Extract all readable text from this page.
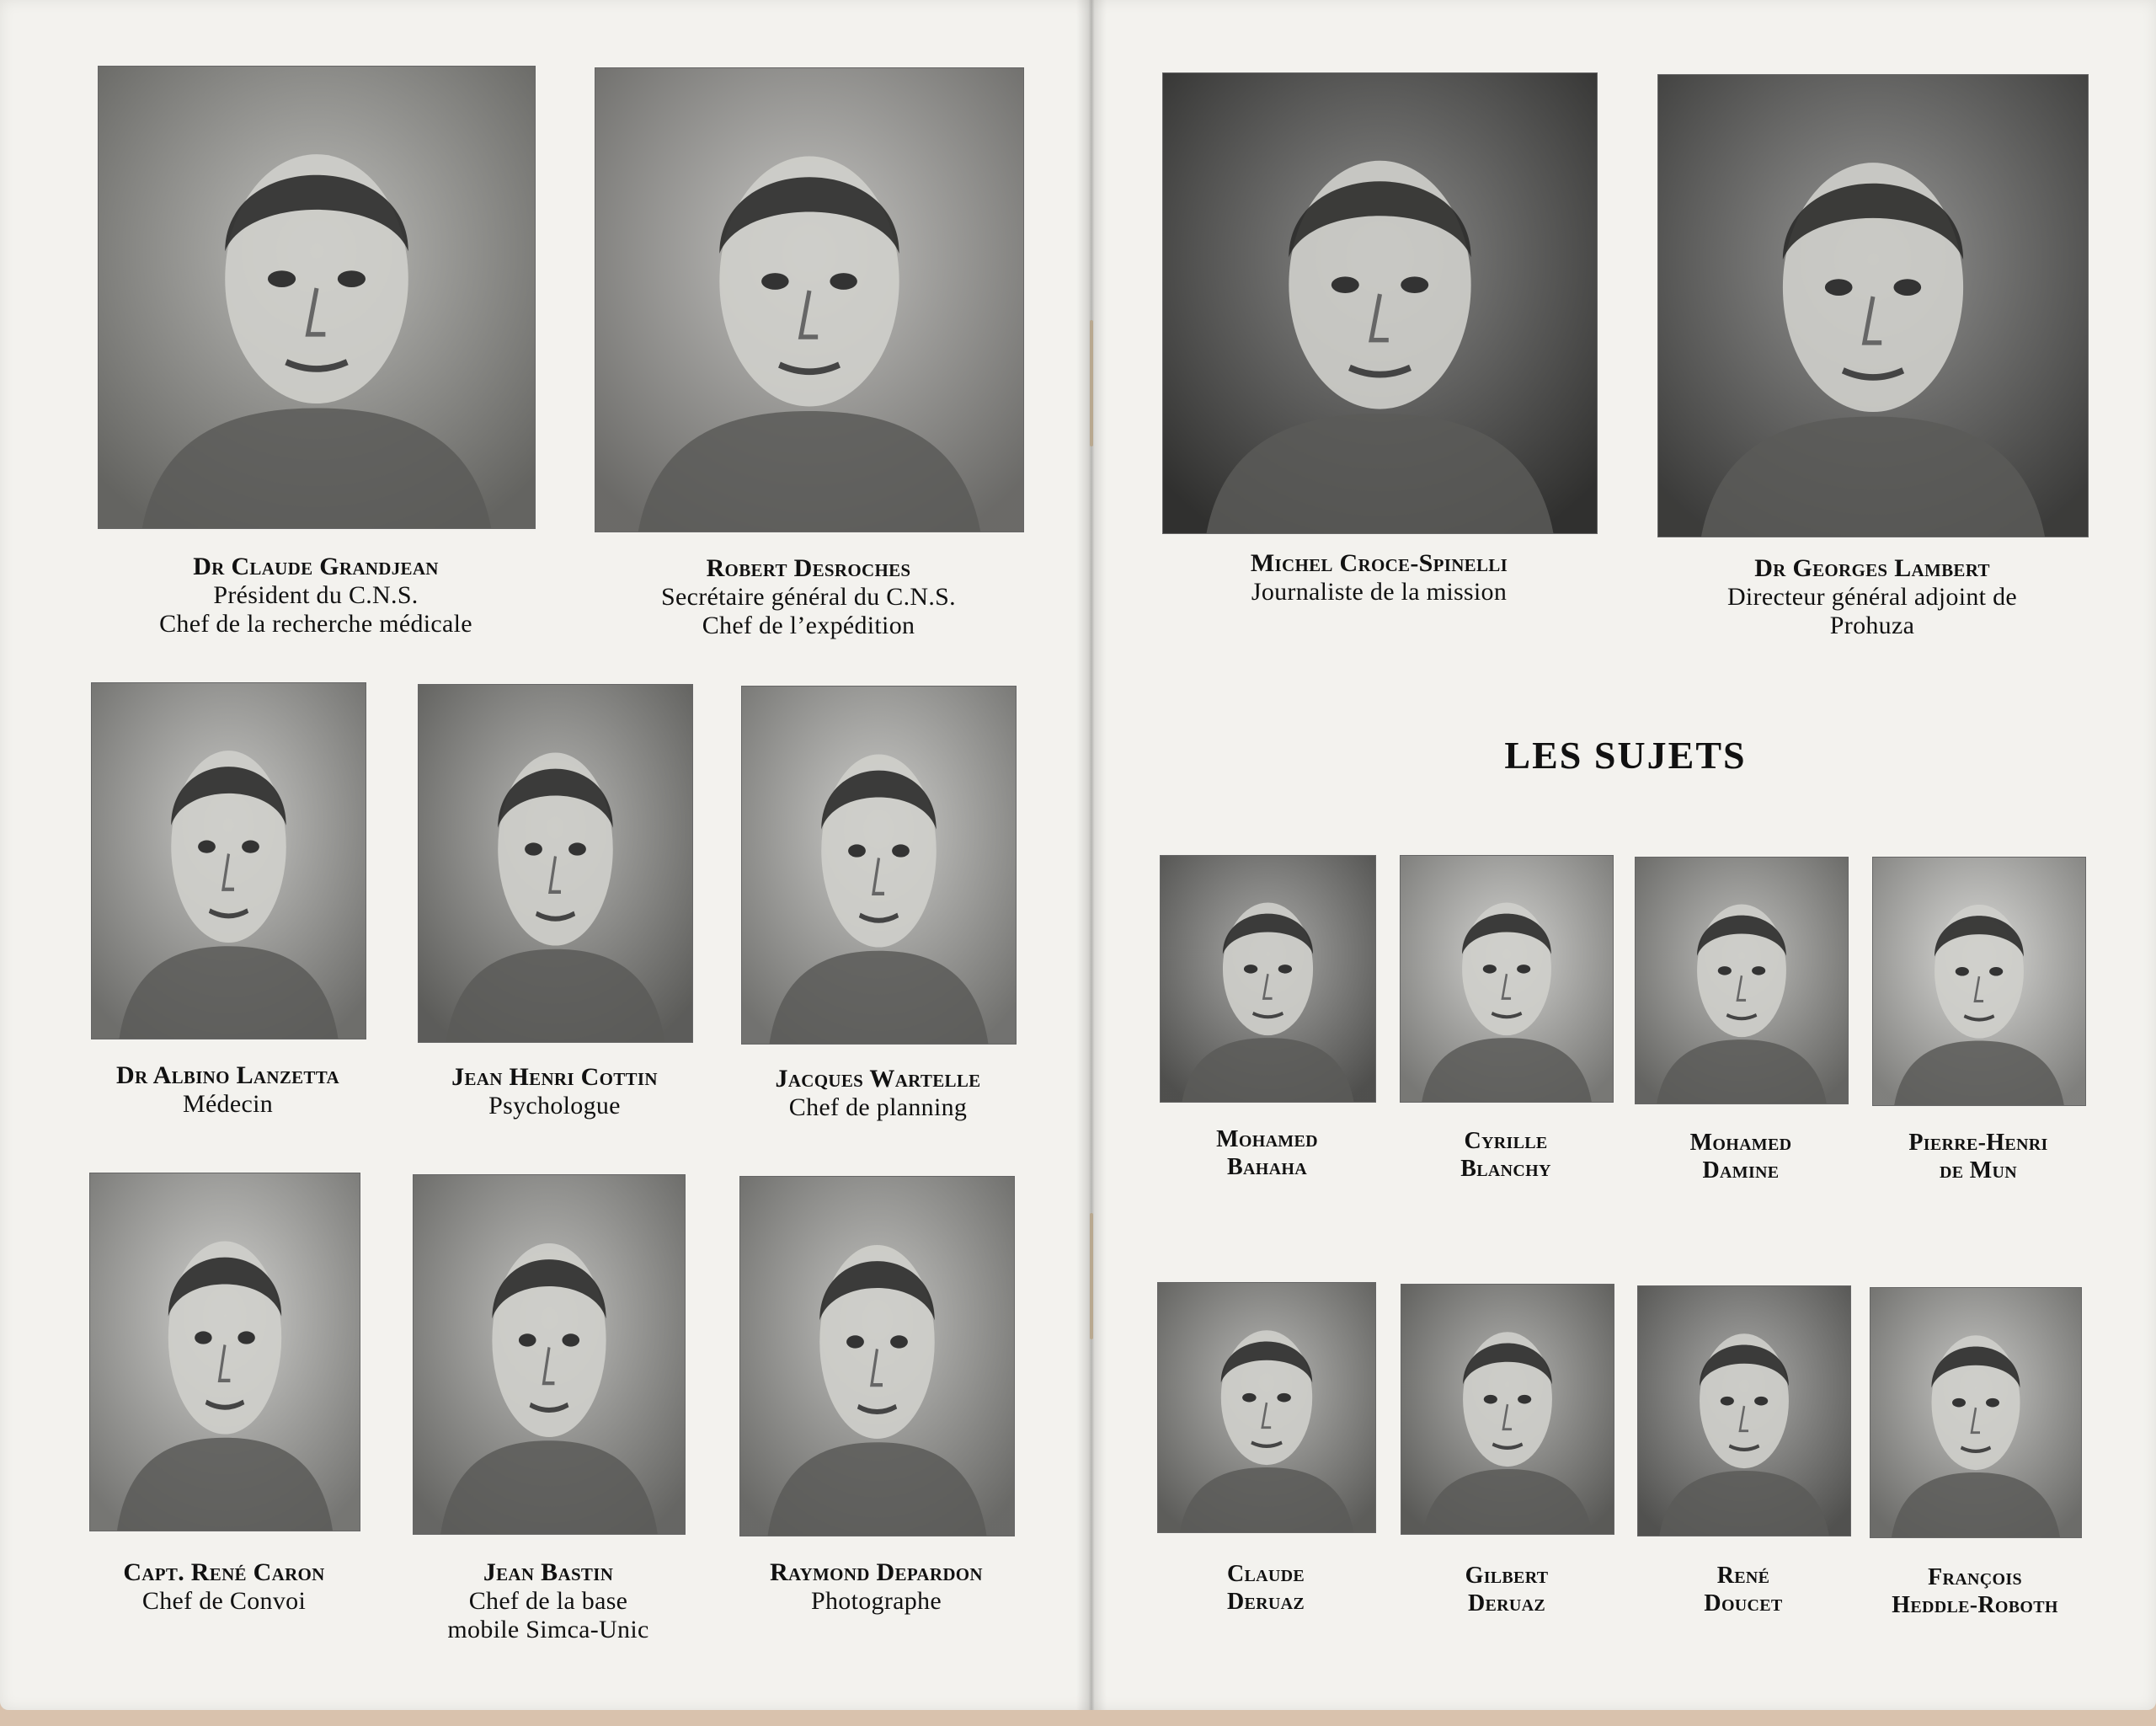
LES SUJETS
Dr Claude Grandjean
Président du C.N.S.
Chef de la recherche médicale
Robert Desroches
Secrétaire général du C.N.S.
Chef de l’expédition
Michel Croce-Spinelli
Journaliste de la mission
Dr Georges Lambert
Directeur général adjoint de
Prohuza
Dr Albino Lanzetta
Médecin
Jean Henri Cottin
Psychologue
Jacques Wartelle
Chef de planning
Capt. René Caron
Chef de Convoi
Jean Bastin
Chef de la base
mobile Simca-Unic
Raymond Depardon
Photographe
Mohamed
Bahaha
Cyrille
Blanchy
Mohamed
Damine
Pierre-Henri
de Mun
Claude
Deruaz
Gilbert
Deruaz
René
Doucet
François
Heddle-Roboth
